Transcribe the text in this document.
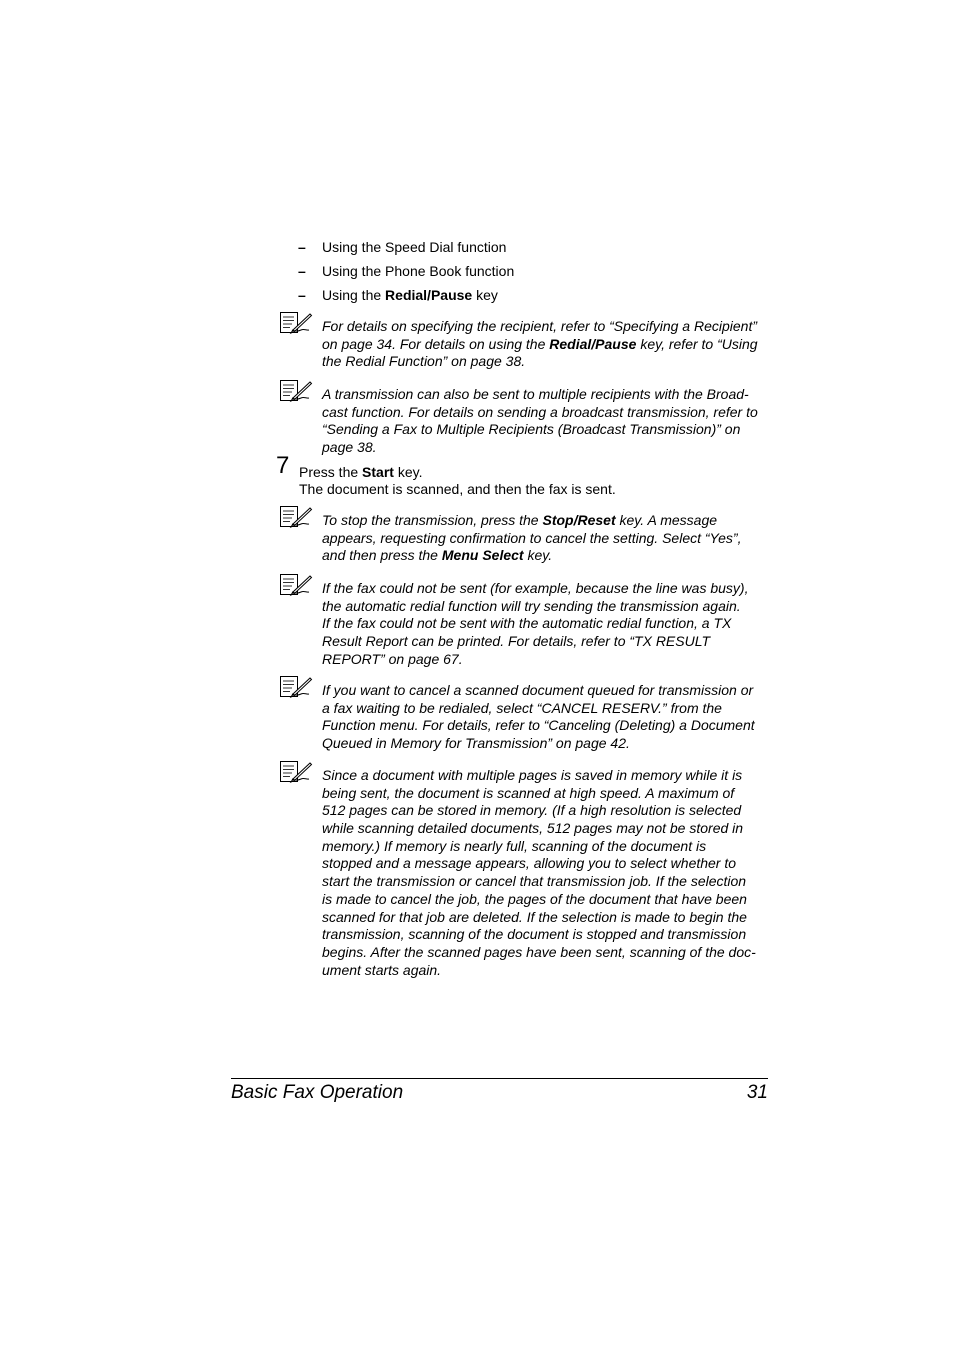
–	Using the Speed Dial function
–	Using the Phone Book function
–	Using the Redial/Pause key
For details on specifying the recipient, refer to “Specifying a Recipient”
on page 34. For details on using the Redial/Pause key, refer to “Using
the Redial Function” on page 38.
A transmission can also be sent to multiple recipients with the Broad-
cast function. For details on sending a broadcast transmission, refer to
“Sending a Fax to Multiple Recipients (Broadcast Transmission)” on
page 38.
7 Press the Start key.
The document is scanned, and then the fax is sent.
To stop the transmission, press the Stop/Reset key. A message
appears, requesting confirmation to cancel the setting. Select “Yes”,
and then press the Menu Select key.
If the fax could not be sent (for example, because the line was busy),
the automatic redial function will try sending the transmission again.
If the fax could not be sent with the automatic redial function, a TX
Result Report can be printed. For details, refer to “TX RESULT
REPORT” on page 67.
If you want to cancel a scanned document queued for transmission or
a fax waiting to be redialed, select “CANCEL RESERV.” from the
Function menu. For details, refer to “Canceling (Deleting) a Document
Queued in Memory for Transmission” on page 42.
Since a document with multiple pages is saved in memory while it is
being sent, the document is scanned at high speed. A maximum of
512 pages can be stored in memory. (If a high resolution is selected
while scanning detailed documents, 512 pages may not be stored in
memory.) If memory is nearly full, scanning of the document is
stopped and a message appears, allowing you to select whether to
start the transmission or cancel that transmission job. If the selection
is made to cancel the job, the pages of the document that have been
scanned for that job are deleted. If the selection is made to begin the
transmission, scanning of the document is stopped and transmission
begins. After the scanned pages have been sent, scanning of the doc-
ument starts again.
Basic Fax Operation	31
